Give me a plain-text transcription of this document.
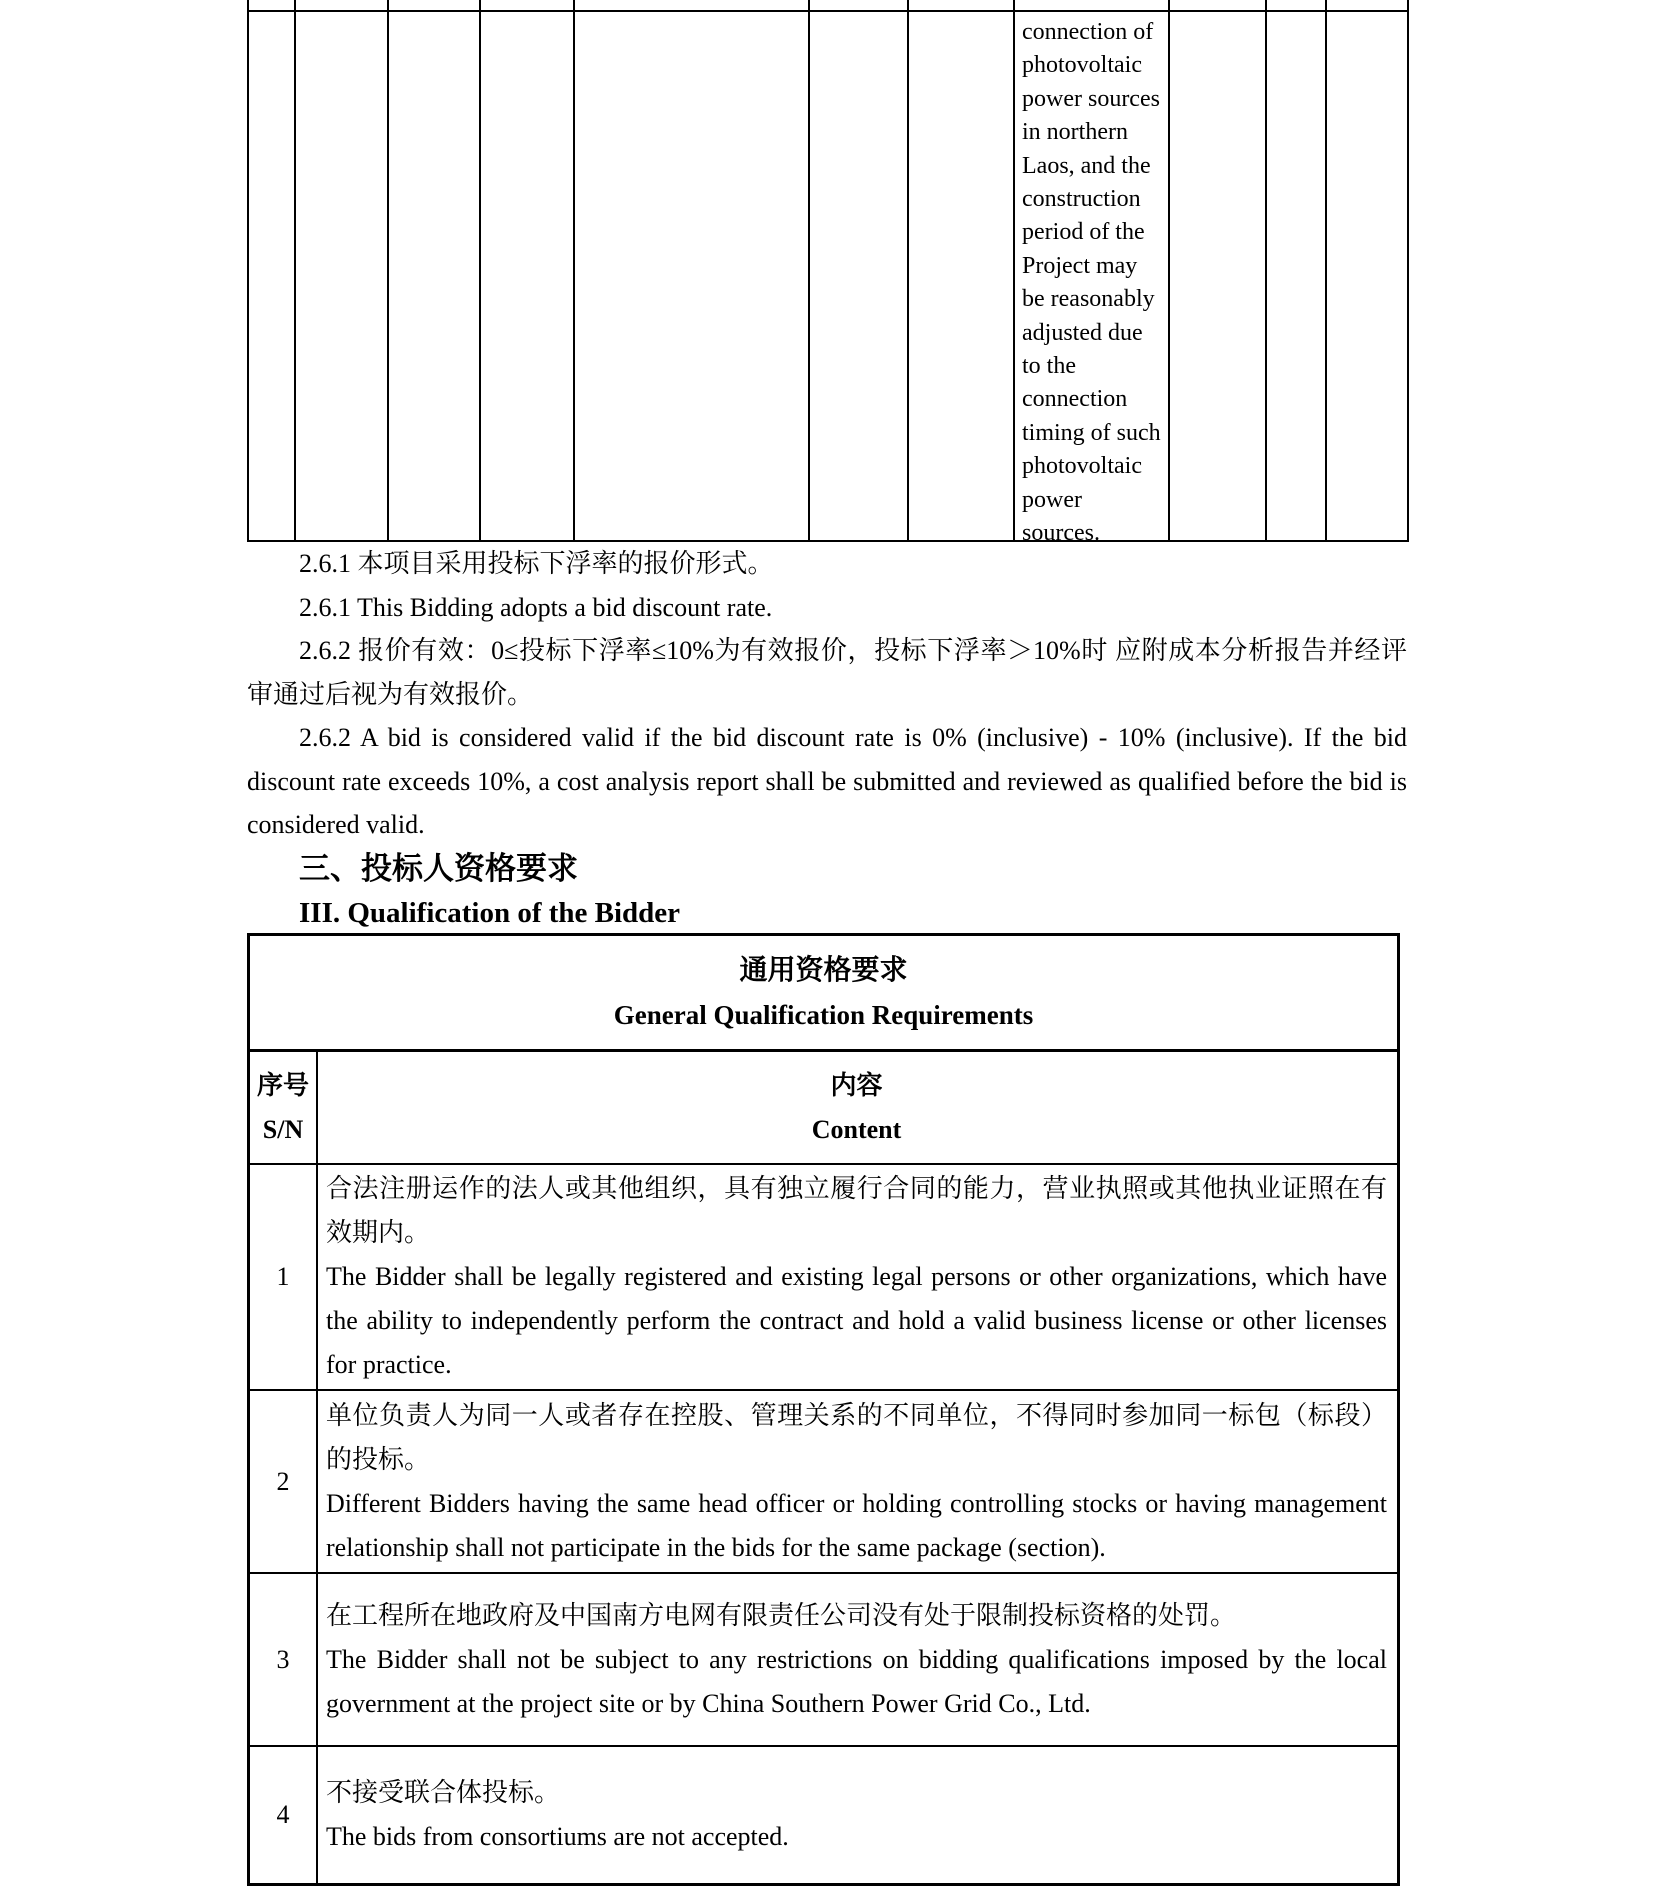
connection of photovoltaic power sources in northern Laos, and the construction period of the Project may be reasonably adjusted due to the connection timing of such photovoltaic power sources.

2.6.1 本项目采用投标下浮率的报价形式。

2.6.1 This Bidding adopts a bid discount rate.

2.6.2 报价有效：0≤投标下浮率≤10%为有效报价，投标下浮率＞10%时 应附成本分析报告并经评审通过后视为有效报价。

2.6.2 A bid is considered valid if the bid discount rate is 0% (inclusive) - 10% (inclusive). If the bid discount rate exceeds 10%, a cost analysis report shall be submitted and reviewed as qualified before the bid is considered valid.

三、投标人资格要求

III. Qualification of the Bidder

通用资格要求
General Qualification Requirements
序号
S/N
内容
Content
1
合法注册运作的法人或其他组织，具有独立履行合同的能力，营业执照或其他执业证照在有效期内。
The Bidder shall be legally registered and existing legal persons or other organizations, which have the ability to independently perform the contract and hold a valid business license or other licenses for practice.
2
单位负责人为同一人或者存在控股、管理关系的不同单位，不得同时参加同一标包（标段）的投标。
Different Bidders having the same head officer or holding controlling stocks or having management relationship shall not participate in the bids for the same package (section).
3
在工程所在地政府及中国南方电网有限责任公司没有处于限制投标资格的处罚。
The Bidder shall not be subject to any restrictions on bidding qualifications imposed by the local government at the project site or by China Southern Power Grid Co., Ltd.
4
不接受联合体投标。
The bids from consortiums are not accepted.
